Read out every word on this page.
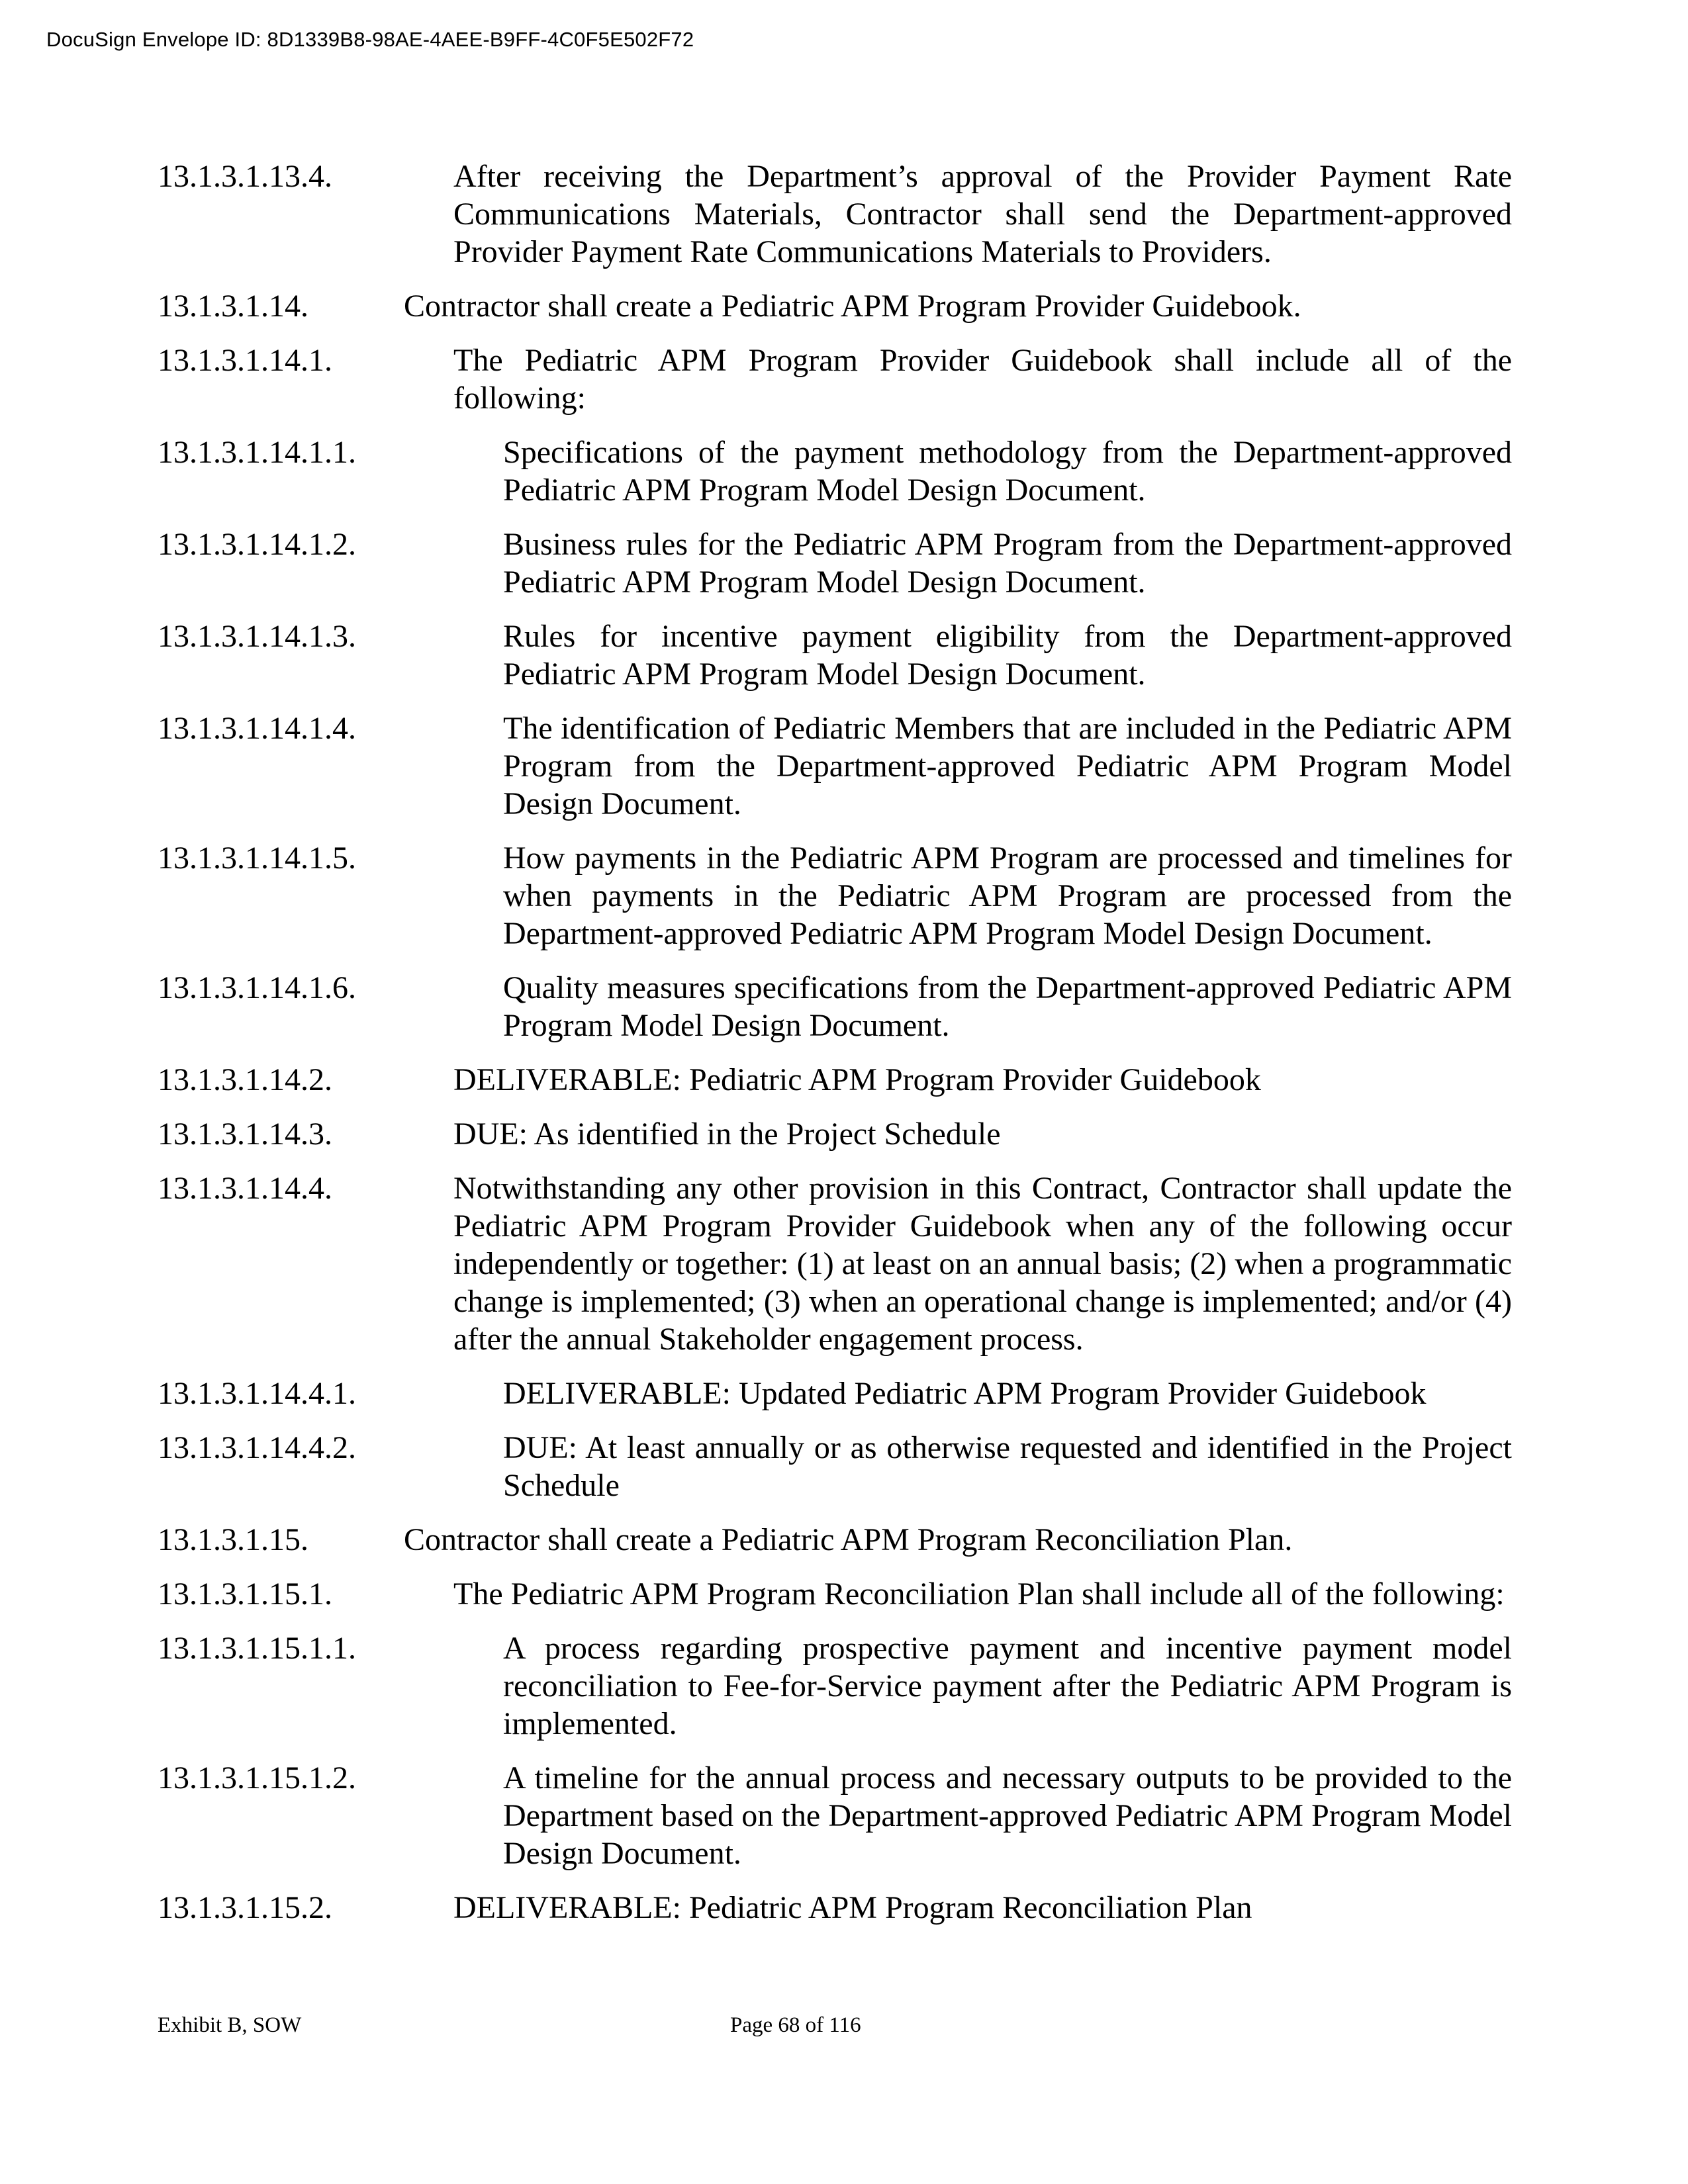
DocuSign Envelope ID: 8D1339B8-98AE-4AEE-B9FF-4C0F5E502F72
13.1.3.1.13.4.	After receiving the Department’s approval of the Provider Payment Rate Communications Materials, Contractor shall send the Department-approved Provider Payment Rate Communications Materials to Providers.
13.1.3.1.14.	Contractor shall create a Pediatric APM Program Provider Guidebook.
13.1.3.1.14.1.	The Pediatric APM Program Provider Guidebook shall include all of the following:
13.1.3.1.14.1.1.	Specifications of the payment methodology from the Department-approved Pediatric APM Program Model Design Document.
13.1.3.1.14.1.2.	Business rules for the Pediatric APM Program from the Department-approved Pediatric APM Program Model Design Document.
13.1.3.1.14.1.3.	Rules for incentive payment eligibility from the Department-approved Pediatric APM Program Model Design Document.
13.1.3.1.14.1.4.	The identification of Pediatric Members that are included in the Pediatric APM Program from the Department-approved Pediatric APM Program Model Design Document.
13.1.3.1.14.1.5.	How payments in the Pediatric APM Program are processed and timelines for when payments in the Pediatric APM Program are processed from the Department-approved Pediatric APM Program Model Design Document.
13.1.3.1.14.1.6.	Quality measures specifications from the Department-approved Pediatric APM Program Model Design Document.
13.1.3.1.14.2.	DELIVERABLE: Pediatric APM Program Provider Guidebook
13.1.3.1.14.3.	DUE: As identified in the Project Schedule
13.1.3.1.14.4.	Notwithstanding any other provision in this Contract, Contractor shall update the Pediatric APM Program Provider Guidebook when any of the following occur independently or together: (1) at least on an annual basis; (2) when a programmatic change is implemented; (3) when an operational change is implemented; and/or (4) after the annual Stakeholder engagement process.
13.1.3.1.14.4.1.	DELIVERABLE: Updated Pediatric APM Program Provider Guidebook
13.1.3.1.14.4.2.	DUE: At least annually or as otherwise requested and identified in the Project Schedule
13.1.3.1.15.	Contractor shall create a Pediatric APM Program Reconciliation Plan.
13.1.3.1.15.1.	The Pediatric APM Program Reconciliation Plan shall include all of the following:
13.1.3.1.15.1.1.	A process regarding prospective payment and incentive payment model reconciliation to Fee-for-Service payment after the Pediatric APM Program is implemented.
13.1.3.1.15.1.2.	A timeline for the annual process and necessary outputs to be provided to the Department based on the Department-approved Pediatric APM Program Model Design Document.
13.1.3.1.15.2.	DELIVERABLE: Pediatric APM Program Reconciliation Plan
Exhibit B, SOW	Page 68 of 116
